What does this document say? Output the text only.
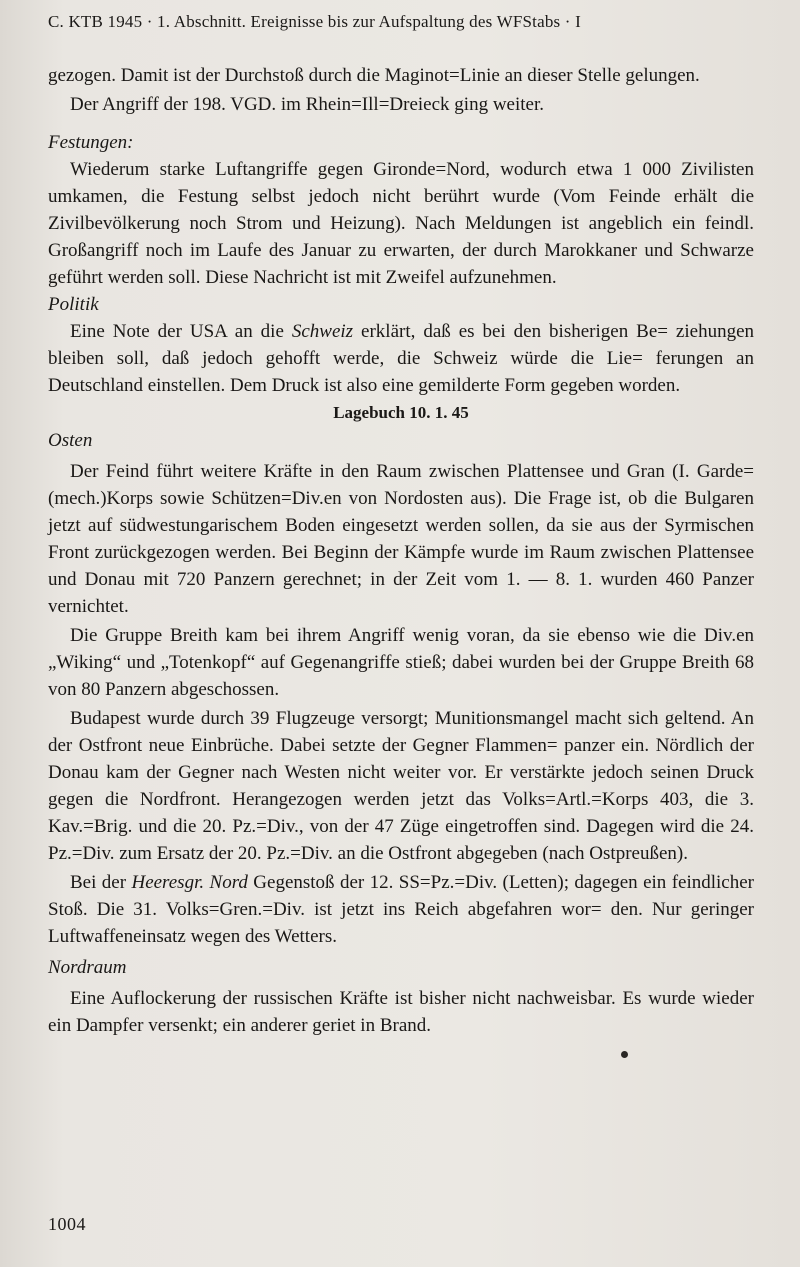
C. KTB 1945 · 1. Abschnitt. Ereignisse bis zur Aufspaltung des WFStabs · I

gezogen. Damit ist der Durchstoß durch die Maginot=Linie an dieser Stelle gelungen.

Der Angriff der 198. VGD. im Rhein=Ill=Dreieck ging weiter.

Festungen:

Wiederum starke Luftangriffe gegen Gironde=Nord, wodurch etwa 1 000 Zivilisten umkamen, die Festung selbst jedoch nicht berührt wurde (Vom Feinde erhält die Zivilbevölkerung noch Strom und Heizung). Nach Meldungen ist angeblich ein feindl. Großangriff noch im Laufe des Januar zu erwarten, der durch Marokkaner und Schwarze geführt werden soll. Diese Nachricht ist mit Zweifel aufzunehmen.

Politik

Eine Note der USA an die Schweiz erklärt, daß es bei den bisherigen Be= ziehungen bleiben soll, daß jedoch gehofft werde, die Schweiz würde die Lie= ferungen an Deutschland einstellen. Dem Druck ist also eine gemilderte Form gegeben worden.

Lagebuch 10. 1. 45

Osten

Der Feind führt weitere Kräfte in den Raum zwischen Plattensee und Gran (I. Garde=(mech.)Korps sowie Schützen=Div.en von Nordosten aus). Die Frage ist, ob die Bulgaren jetzt auf südwestungarischem Boden eingesetzt werden sollen, da sie aus der Syrmischen Front zurückgezogen werden. Bei Beginn der Kämpfe wurde im Raum zwischen Plattensee und Donau mit 720 Panzern gerechnet; in der Zeit vom 1. — 8. 1. wurden 460 Panzer vernichtet.

Die Gruppe Breith kam bei ihrem Angriff wenig voran, da sie ebenso wie die Div.en „Wiking“ und „Totenkopf“ auf Gegenangriffe stieß; dabei wurden bei der Gruppe Breith 68 von 80 Panzern abgeschossen.

Budapest wurde durch 39 Flugzeuge versorgt; Munitionsmangel macht sich geltend. An der Ostfront neue Einbrüche. Dabei setzte der Gegner Flammen= panzer ein. Nördlich der Donau kam der Gegner nach Westen nicht weiter vor. Er verstärkte jedoch seinen Druck gegen die Nordfront. Herangezogen werden jetzt das Volks=Artl.=Korps 403, die 3. Kav.=Brig. und die 20. Pz.=Div., von der 47 Züge eingetroffen sind. Dagegen wird die 24. Pz.=Div. zum Ersatz der 20. Pz.=Div. an die Ostfront abgegeben (nach Ostpreußen).

Bei der Heeresgr. Nord Gegenstoß der 12. SS=Pz.=Div. (Letten); dagegen ein feindlicher Stoß. Die 31. Volks=Gren.=Div. ist jetzt ins Reich abgefahren wor= den. Nur geringer Luftwaffeneinsatz wegen des Wetters.

Nordraum

Eine Auflockerung der russischen Kräfte ist bisher nicht nachweisbar. Es wurde wieder ein Dampfer versenkt; ein anderer geriet in Brand.

1004
